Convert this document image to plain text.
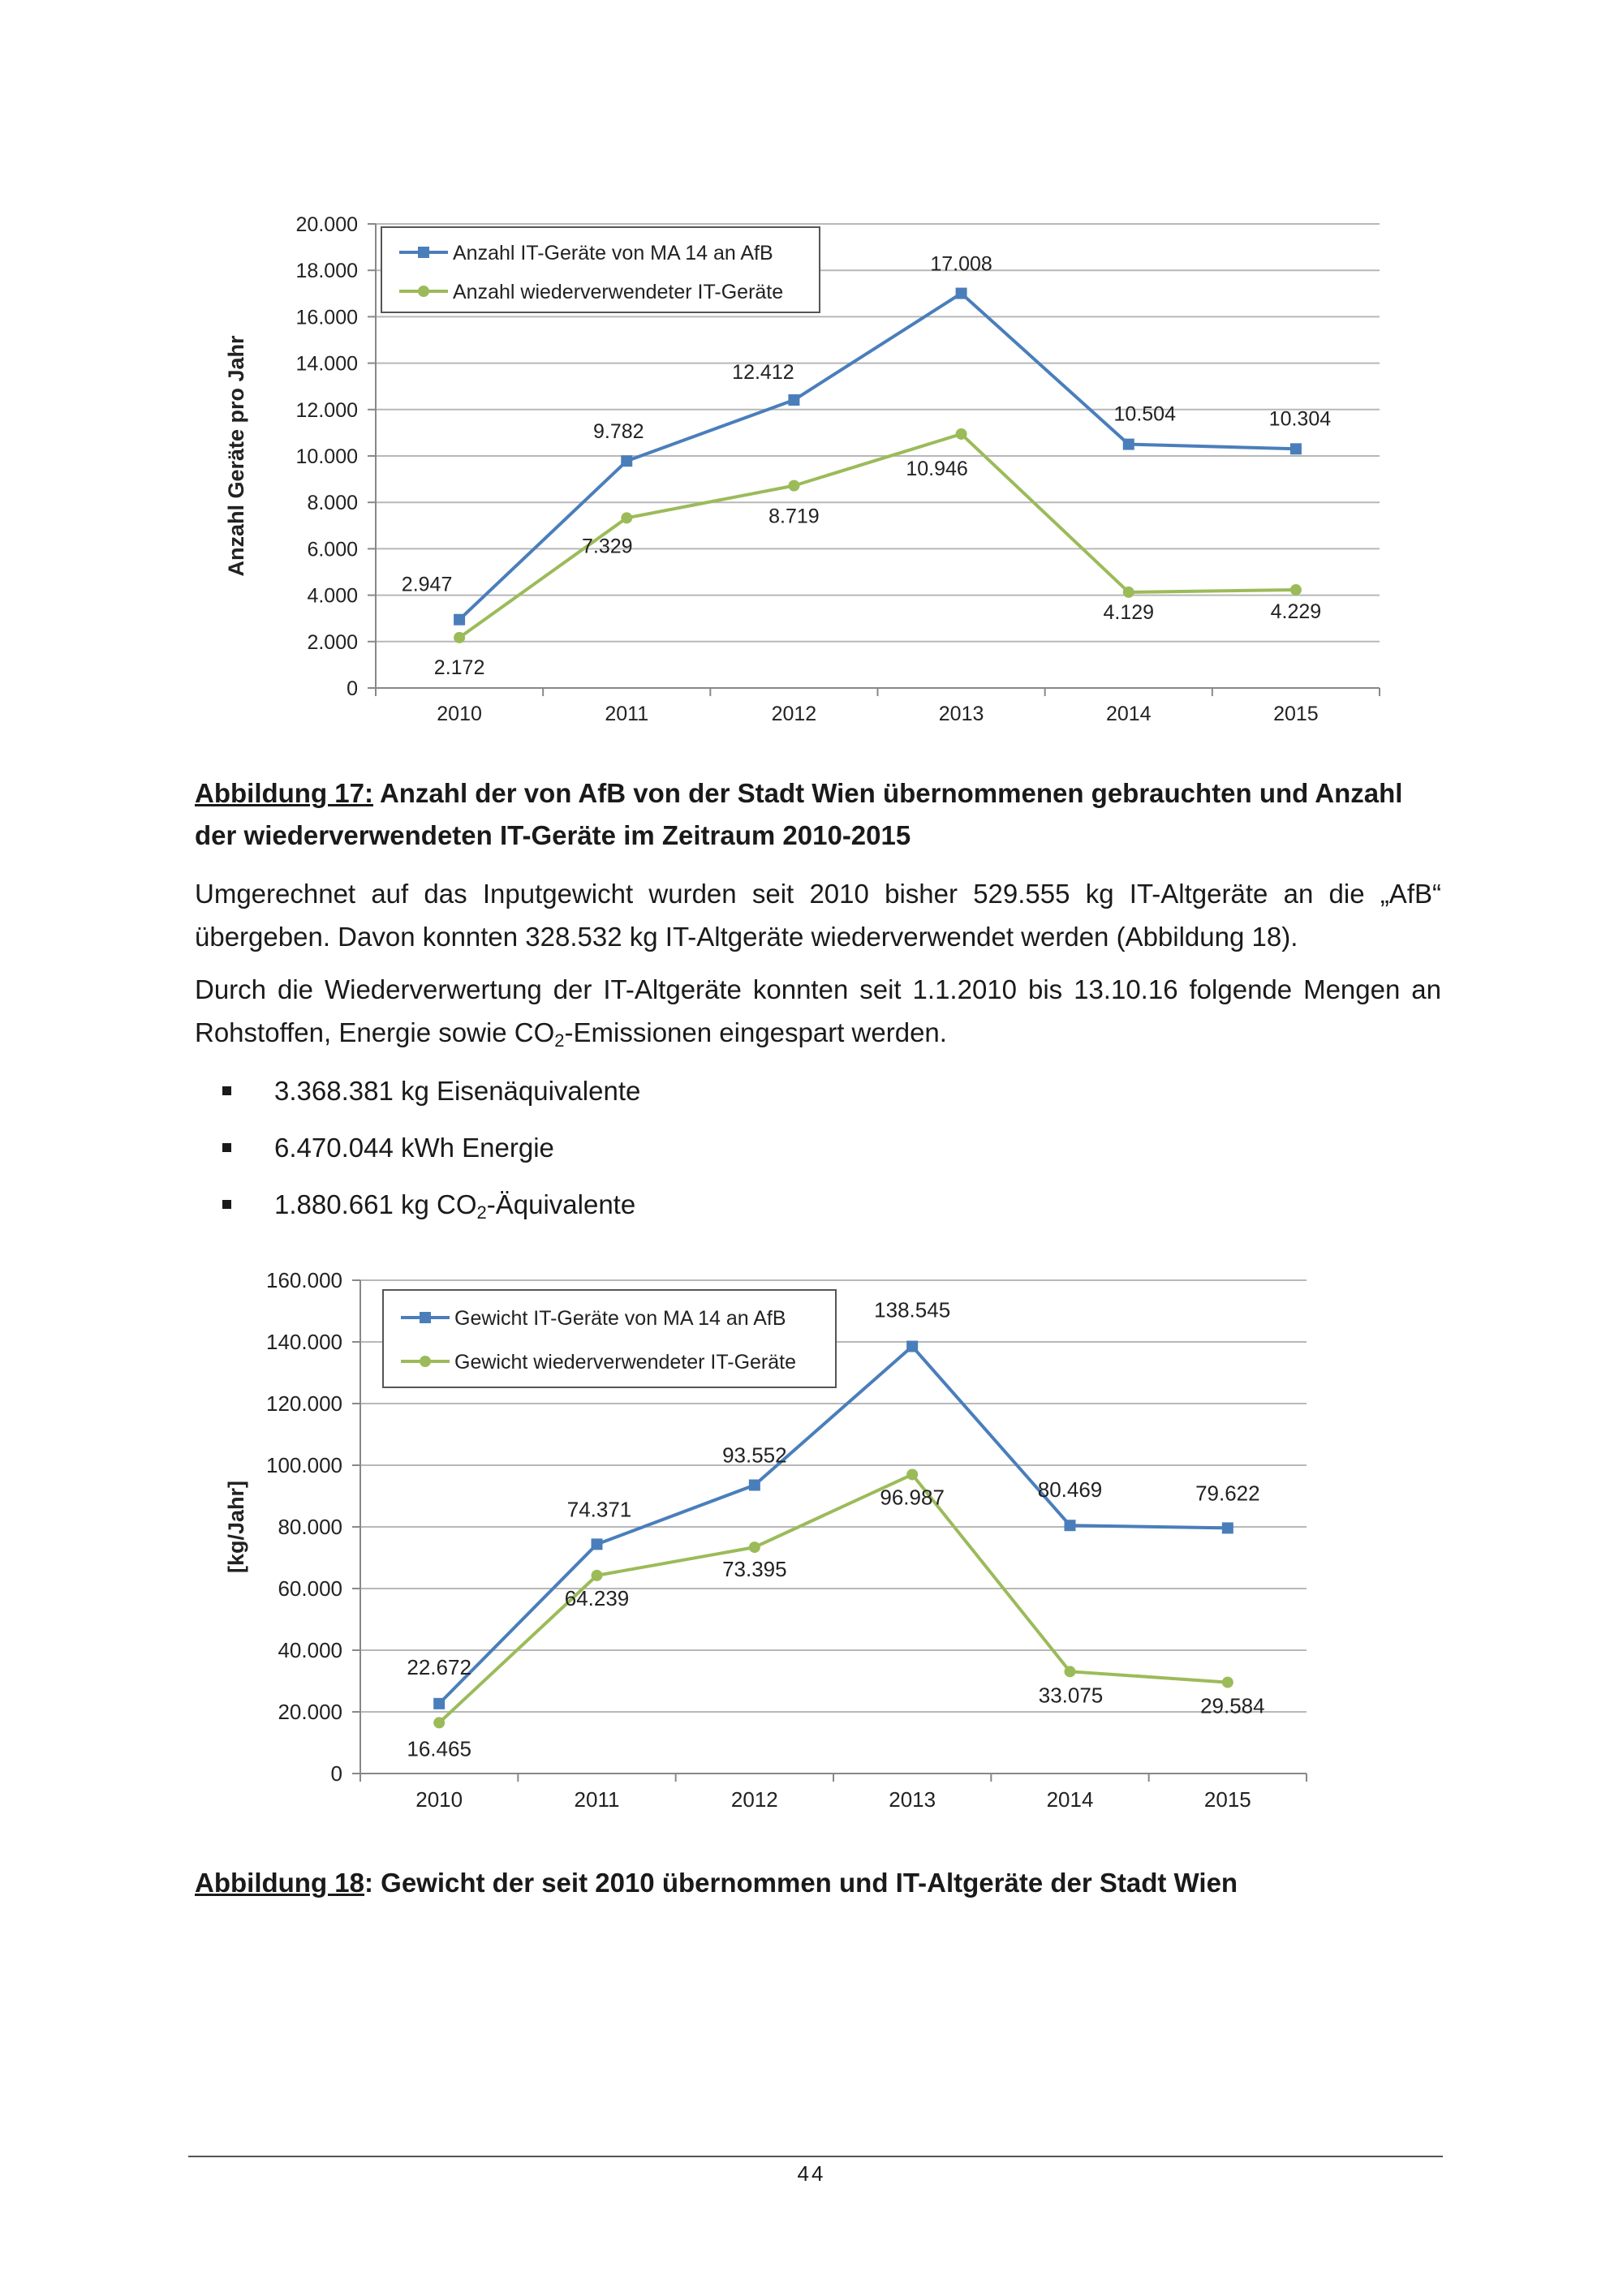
0
2.000
4.000
6.000
8.000
10.000
12.000
14.000
16.000
18.000
20.000
2010	2011	2012	2013	2014	2015
Anzahl Geräte pro Jahr
2.947
9.782
12.412
17.008
10.504	10.304
2.172
7.329
8.719
10.946
4.129	4.229
Anzahl IT-Geräte von MA 14 an AfB
Anzahl wiederverwendeter IT-Geräte
0
20.000
40.000
60.000
80.000
100.000
120.000
140.000
160.000
2010	2011	2012	2013	2014	2015
[kg/Jahr]
22.672
74.371
93.552
138.545
80.469	79.622
16.465
64.239
73.395
96.987
33.075	29.584
Gewicht IT-Geräte von MA 14 an AfB
Gewicht wiederverwendeter IT-Geräte

Abbildung 17: Anzahl der von AfB von der Stadt Wien übernommenen gebrauchten und Anzahl der wiederverwendeten IT-Geräte im Zeitraum 2010-2015

Umgerechnet auf das Inputgewicht wurden seit 2010 bisher 529.555 kg IT-Altgeräte an die „AfB“
übergeben. Davon konnten 328.532 kg IT-Altgeräte wiederverwendet werden (Abbildung 18).

Durch die Wiederverwertung der IT-Altgeräte konnten seit 1.1.2010 bis 13.10.16 folgende Mengen an
Rohstoffen, Energie sowie $CO_2$-Emissionen eingespart werden.

3.368.381 kg Eisenäquivalente
6.470.044 kWh Energie
1.880.661 kg $CO_2$-Äquivalente

Abbildung 18: Gewicht der seit 2010 übernommen und IT-Altgeräte der Stadt Wien

44
